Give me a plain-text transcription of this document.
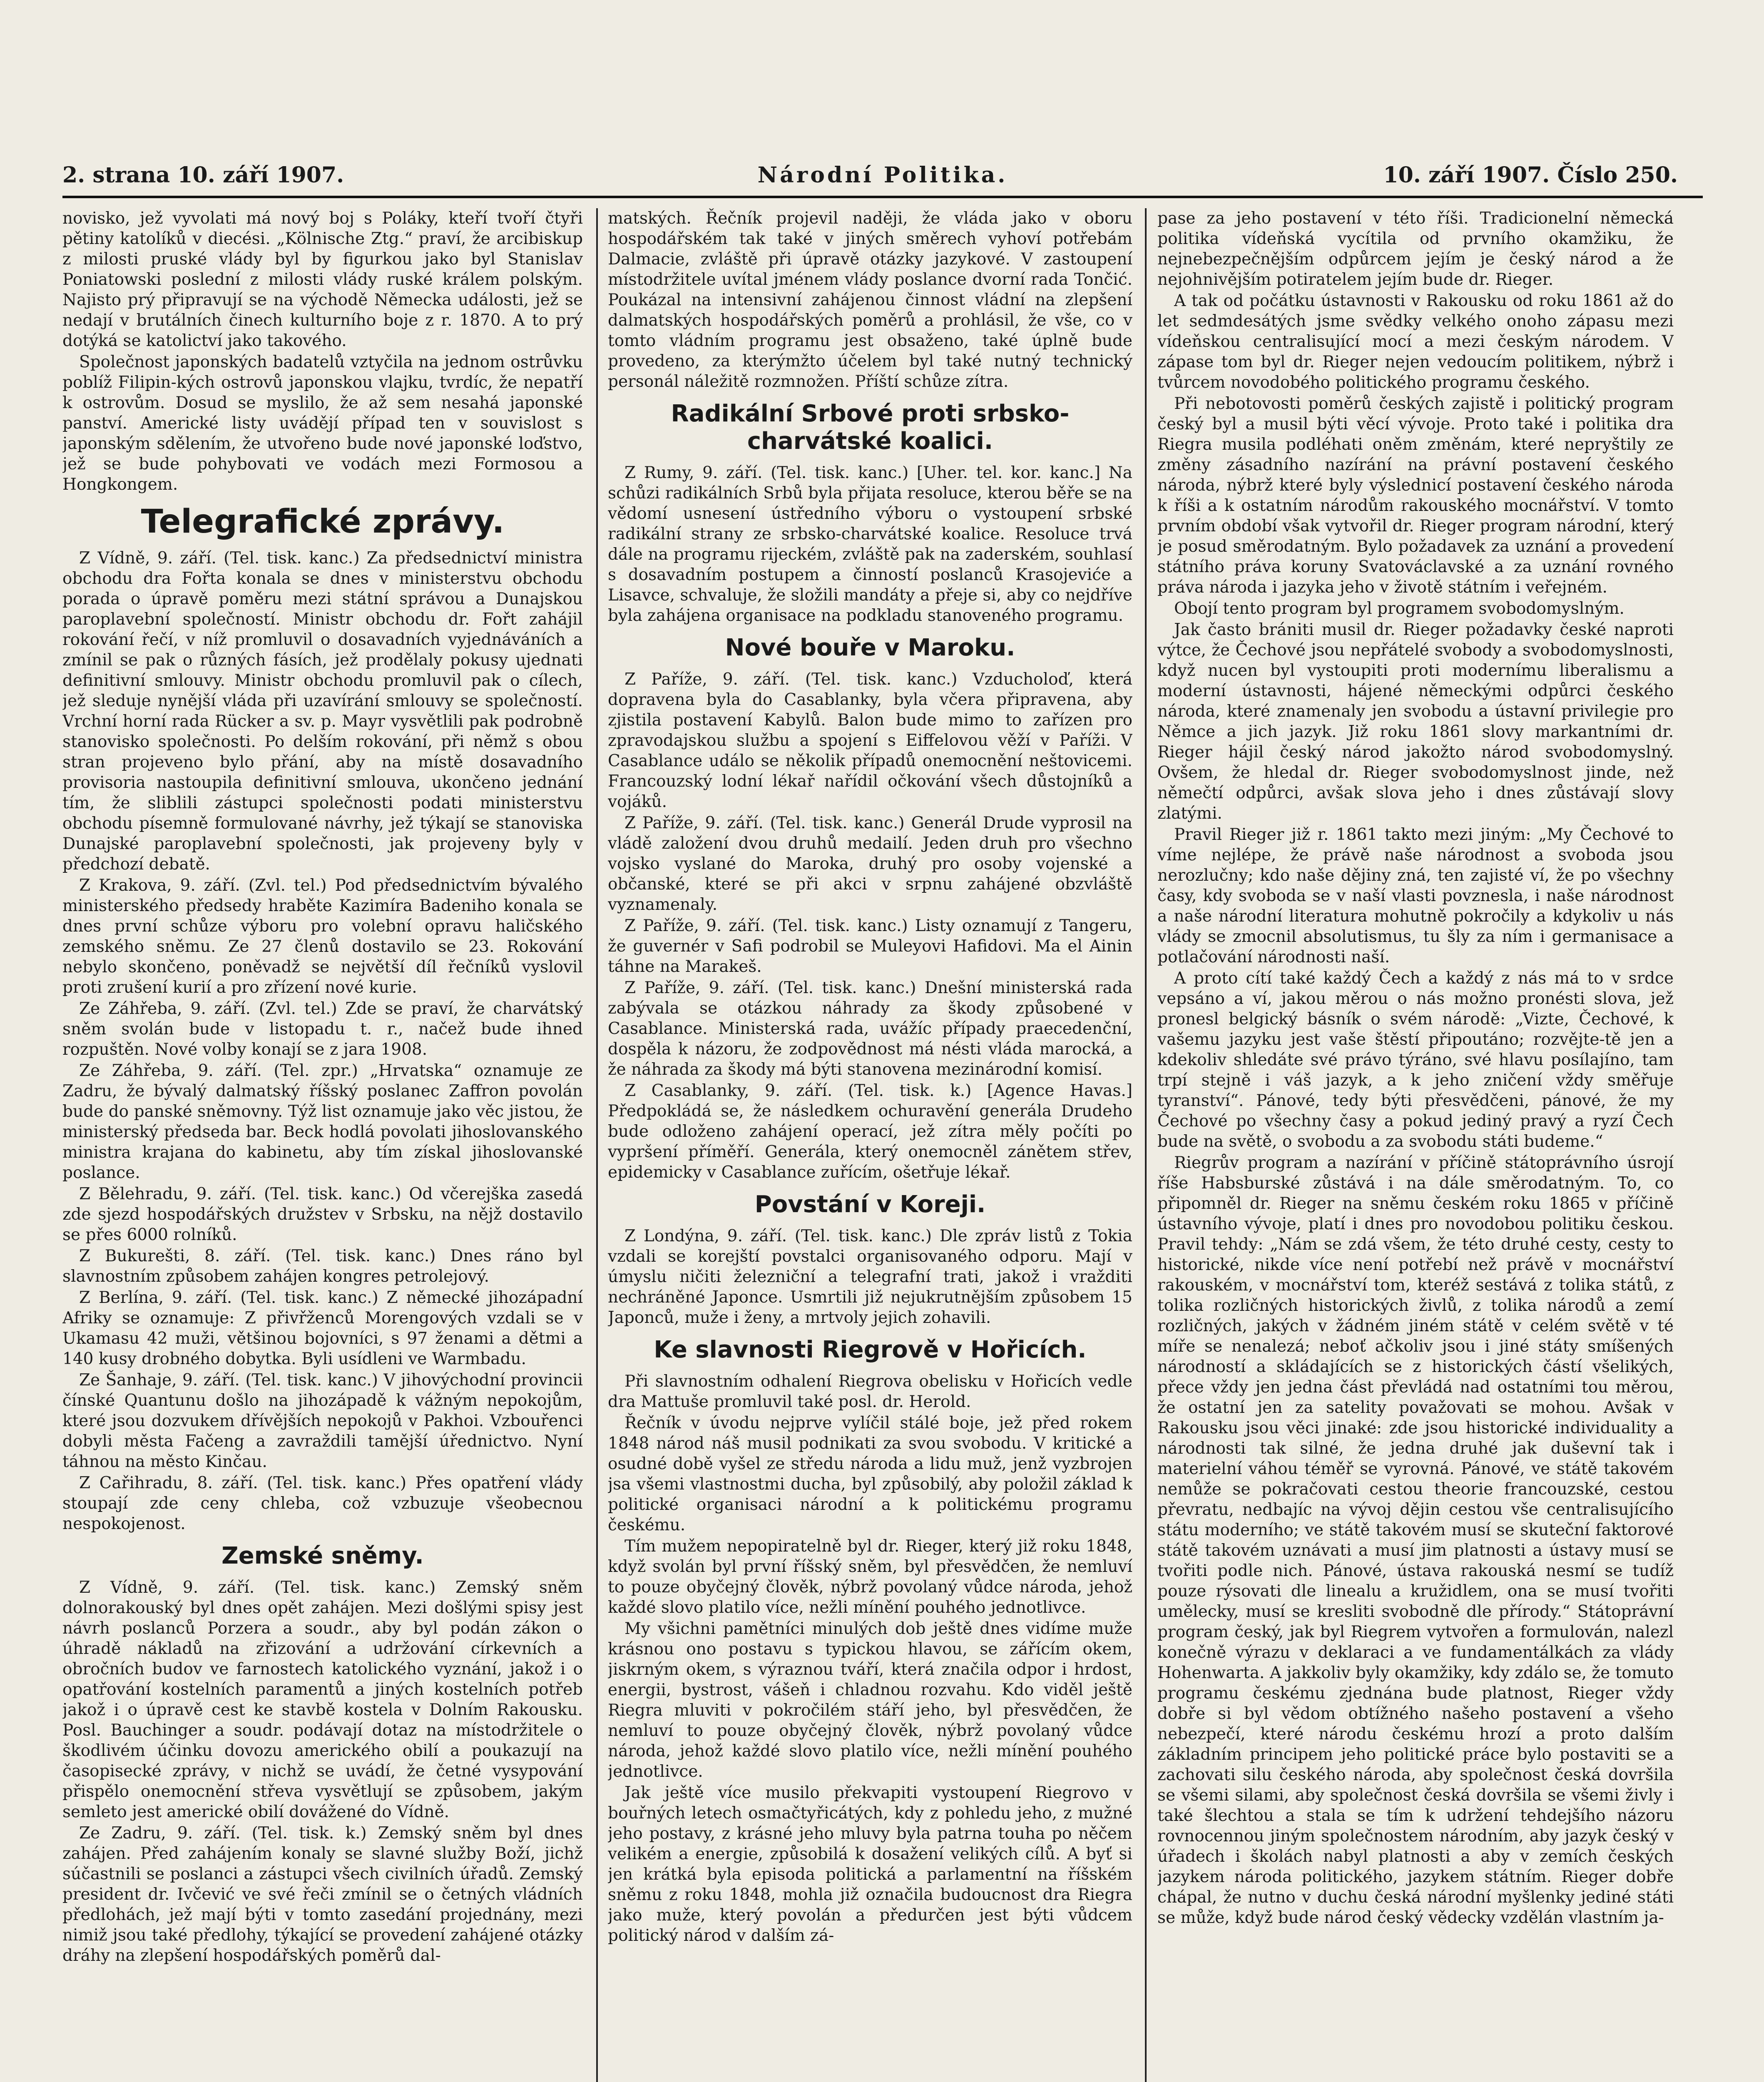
2. strana 10. září 1907.	Národní Politika.	10. září 1907. Číslo 250.

novisko, jež vyvolati má nový boj s Poláky, kteří tvoří čtyři pětiny katolíků v diecési. „Kölnische Ztg.“ praví, že arcibiskup z milosti pruské vlády byl by figurkou jako byl Stanislav Poniatowski poslední z milosti vlády ruské králem polským. Najisto prý připravují se na východě Německa události, jež se nedají v brutálních činech kulturního boje z r. 1870. A to prý dotýká se katolictví jako takového.

Společnost japonských badatelů vztyčila na jednom ostrůvku poblíž Filipin-kých ostrovů japonskou vlajku, tvrdíc, že nepatří k ostrovům. Dosud se myslilo, že až sem nesahá japonské panství. Americké listy uvádějí případ ten v souvislost s japonským sdělením, že utvořeno bude nové japonské loďstvo, jež se bude pohybovati ve vodách mezi Formosou a Hongkongem.

Telegrafické zprávy.

Z Vídně, 9. září. (Tel. tisk. kanc.) Za předsednictví ministra obchodu dra Fořta konala se dnes v ministerstvu obchodu porada o úpravě poměru mezi státní správou a Dunajskou paroplavební společností. Ministr obchodu dr. Fořt zahájil rokování řečí, v níž promluvil o dosavadních vyjednáváních a zmínil se pak o různých fásích, jež prodělaly pokusy ujednati definitivní smlouvy. Ministr obchodu promluvil pak o cílech, jež sleduje nynější vláda při uzavírání smlouvy se společností. Vrchní horní rada Rücker a sv. p. Mayr vysvětlili pak podrobně stanovisko společnosti. Po delším rokování, při němž s obou stran projeveno bylo přání, aby na místě dosavadního provisoria nastoupila definitivní smlouva, ukončeno jednání tím, že sliblili zástupci společnosti podati ministerstvu obchodu písemně formulované návrhy, jež týkají se stanoviska Dunajské paroplavební společnosti, jak projeveny byly v předchozí debatě.

Z Krakova, 9. září. (Zvl. tel.) Pod předsednictvím bývalého ministerského předsedy hraběte Kazimíra Badeniho konala se dnes první schůze výboru pro volební opravu haličského zemského sněmu. Ze 27 členů dostavilo se 23. Rokování nebylo skončeno, poněvadž se největší díl řečníků vyslovil proti zrušení kurií a pro zřízení nové kurie.

Ze Záhřeba, 9. září. (Zvl. tel.) Zde se praví, že charvátský sněm svolán bude v listopadu t. r., načež bude ihned rozpuštěn. Nové volby konají se z jara 1908.

Ze Záhřeba, 9. září. (Tel. zpr.) „Hrvatska“ oznamuje ze Zadru, že bývalý dalmatský říšský poslanec Zaffron povolán bude do panské sněmovny. Týž list oznamuje jako věc jistou, že ministerský předseda bar. Beck hodlá povolati jihoslovanského ministra krajana do kabinetu, aby tím získal jihoslovanské poslance.

Z Bělehradu, 9. září. (Tel. tisk. kanc.) Od včerejška zasedá zde sjezd hospodářských družstev v Srbsku, na nějž dostavilo se přes 6000 rolníků.

Z Bukurešti, 8. září. (Tel. tisk. kanc.) Dnes ráno byl slavnostním způsobem zahájen kongres petrolejový.

Z Berlína, 9. září. (Tel. tisk. kanc.) Z německé jihozápadní Afriky se oznamuje: Z přivřženců Morengových vzdali se v Ukamasu 42 muži, většinou bojovníci, s 97 ženami a dětmi a 140 kusy drobného dobytka. Byli usídleni ve Warmbadu.

Ze Šanhaje, 9. září. (Tel. tisk. kanc.) V jihovýchodní provincii čínské Quantunu došlo na jihozápadě k vážným nepokojům, které jsou dozvukem dřívějších nepokojů v Pakhoi. Vzbouřenci dobyli města Fačeng a zavraždili tamější úřednictvo. Nyní táhnou na město Kinčau.

Z Cařihradu, 8. září. (Tel. tisk. kanc.) Přes opatření vlády stoupají zde ceny chleba, což vzbuzuje všeobecnou nespokojenost.

Zemské sněmy.

Z Vídně, 9. září. (Tel. tisk. kanc.) Zemský sněm dolnorakouský byl dnes opět zahájen. Mezi došlými spisy jest návrh poslanců Porzera a soudr., aby byl podán zákon o úhradě nákladů na zřizování a udržování církevních a obročních budov ve farnostech katolického vyznání, jakož i o opatřování kostelních paramentů a jiných kostelních potřeb jakož i o úpravě cest ke stavbě kostela v Dolním Rakousku. Posl. Bauchinger a soudr. podávají dotaz na místodržitele o škodlivém účinku dovozu amerického obilí a poukazují na časopisecké zprávy, v nichž se uvádí, že četné vysypování přispělo onemocnění střeva vysvětlují se způsobem, jakým semleto jest americké obilí dovážené do Vídně.

Ze Zadru, 9. září. (Tel. tisk. k.) Zemský sněm byl dnes zahájen. Před zahájením konaly se slavné služby Boží, jichž súčastnili se poslanci a zástupci všech civilních úřadů. Zemský president dr. Ivčević ve své řeči zmínil se o četných vládních předlohách, jež mají býti v tomto zasedání projednány, mezi nimiž jsou také předlohy, týkající se provedení zahájené otázky dráhy na zlepšení hospodářských poměrů dal-

matských. Řečník projevil naději, že vláda jako v oboru hospodářském tak také v jiných směrech vyhoví potřebám Dalmacie, zvláště při úpravě otázky jazykové. V zastoupení místodržitele uvítal jménem vlády poslance dvorní rada Tončić. Poukázal na intensivní zahájenou činnost vládní na zlepšení dalmatských hospodářských poměrů a prohlásil, že vše, co v tomto vládním programu jest obsaženo, také úplně bude provedeno, za kterýmžto účelem byl také nutný technický personál náležitě rozmnožen. Příští schůze zítra.

Radikální Srbové proti srbsko-charvátské koalici.

Z Rumy, 9. září. (Tel. tisk. kanc.) [Uher. tel. kor. kanc.] Na schůzi radikálních Srbů byla přijata resoluce, kterou běře se na vědomí usnesení ústředního výboru o vystoupení srbské radikální strany ze srbsko-charvátské koalice. Resoluce trvá dále na programu rijeckém, zvláště pak na zaderském, souhlasí s dosavadním postupem a činností poslanců Krasojeviće a Lisavce, schvaluje, že složili mandáty a přeje si, aby co nejdříve byla zahájena organisace na podkladu stanoveného programu.

Nové bouře v Maroku.

Z Paříže, 9. září. (Tel. tisk. kanc.) Vzducholoď, která dopravena byla do Casablanky, byla včera připravena, aby zjistila postavení Kabylů. Balon bude mimo to zařízen pro zpravodajskou službu a spojení s Eiffelovou věží v Paříži. V Casablance událo se několik případů onemocnění neštovicemi. Francouzský lodní lékař nařídil očkování všech důstojníků a vojáků.

Z Paříže, 9. září. (Tel. tisk. kanc.) Generál Drude vyprosil na vládě založení dvou druhů medailí. Jeden druh pro všechno vojsko vyslané do Maroka, druhý pro osoby vojenské a občanské, které se při akci v srpnu zahájené obzvláště vyznamenaly.

Z Paříže, 9. září. (Tel. tisk. kanc.) Listy oznamují z Tangeru, že guvernér v Safi podrobil se Muleyovi Hafidovi. Ma el Ainin táhne na Marakeš.

Z Paříže, 9. září. (Tel. tisk. kanc.) Dnešní ministerská rada zabývala se otázkou náhrady za škody způsobené v Casablance. Ministerská rada, uvážíc případy praecedenční, dospěla k názoru, že zodpovědnost má nésti vláda marocká, a že náhrada za škody má býti stanovena mezinárodní komisí.

Z Casablanky, 9. září. (Tel. tisk. k.) [Agence Havas.] Předpokládá se, že následkem ochuravění generála Drudeho bude odloženo zahájení operací, jež zítra měly počíti po vypršení příměří. Generála, který onemocněl zánětem střev, epidemicky v Casablance zuřícím, ošetřuje lékař.

Povstání v Koreji.

Z Londýna, 9. září. (Tel. tisk. kanc.) Dle zpráv listů z Tokia vzdali se korejští povstalci organisovaného odporu. Mají v úmyslu ničiti železniční a telegrafní trati, jakož i vražditi nechráněné Japonce. Usmrtili již nejukrutnějším způsobem 15 Japonců, muže i ženy, a mrtvoly jejich zohavili.

Ke slavnosti Riegrově v Hořicích.

Při slavnostním odhalení Riegrova obelisku v Hořicích vedle dra Mattuše promluvil také posl. dr. Herold.

Řečník v úvodu nejprve vylíčil stálé boje, jež před rokem 1848 národ náš musil podnikati za svou svobodu. V kritické a osudné době vyšel ze středu národa a lidu muž, jenž vyzbrojen jsa všemi vlastnostmi ducha, byl způsobilý, aby položil základ k politické organisaci národní a k politickému programu českému.

Tím mužem nepopiratelně byl dr. Rieger, který již roku 1848, když svolán byl první říšský sněm, byl přesvědčen, že nemluví to pouze obyčejný člověk, nýbrž povolaný vůdce národa, jehož každé slovo platilo více, nežli mínění pouhého jednotlivce.

My všichni pamětníci minulých dob ještě dnes vidíme muže krásnou ono postavu s typickou hlavou, se zářícím okem, jiskrným okem, s výraznou tváří, která značila odpor i hrdost, energii, bystrost, vášeň i chladnou rozvahu. Kdo viděl ještě Riegra mluviti v pokročilém stáří jeho, byl přesvědčen, že nemluví to pouze obyčejný člověk, nýbrž povolaný vůdce národa, jehož každé slovo platilo více, nežli mínění pouhého jednotlivce.

Jak ještě více musilo překvapiti vystoupení Riegrovo v bouřných letech osmačtyřicátých, kdy z pohledu jeho, z mužné jeho postavy, z krásné jeho mluvy byla patrna touha po něčem velikém a energie, způsobilá k dosažení velikých cílů. A byť si jen krátká byla episoda politická a parlamentní na říšském sněmu z roku 1848, mohla již označila budoucnost dra Riegra jako muže, který povolán a předurčen jest býti vůdcem politický národ v dalším zá-

pase za jeho postavení v této říši. Tradicionelní německá politika vídeňská vycítila od prvního okamžiku, že nejnebezpečnějším odpůrcem jejím je český národ a že nejohnivějším potiratelem jejím bude dr. Rieger.

A tak od počátku ústavnosti v Rakousku od roku 1861 až do let sedmdesátých jsme svědky velkého onoho zápasu mezi vídeňskou centralisující mocí a mezi českým národem. V zápase tom byl dr. Rieger nejen vedoucím politikem, nýbrž i tvůrcem novodobého politického programu českého.

Při nebotovosti poměrů českých zajistě i politický program český byl a musil býti věcí vývoje. Proto také i politika dra Riegra musila podléhati oněm změnám, které nepryštily ze změny zásadního nazírání na právní postavení českého národa, nýbrž které byly výslednicí postavení českého národa k říši a k ostatním národům rakouského mocnářství. V tomto prvním období však vytvořil dr. Rieger program národní, který je posud směrodatným. Bylo požadavek za uznání a provedení státního práva koruny Svatováclavské a za uznání rovného práva národa i jazyka jeho v životě státním i veřejném.

Obojí tento program byl programem svobodomyslným.

Jak často brániti musil dr. Rieger požadavky české naproti výtce, že Čechové jsou nepřátelé svobody a svobodomyslnosti, když nucen byl vystoupiti proti modernímu liberalismu a moderní ústavnosti, hájené německými odpůrci českého národa, které znamenaly jen svobodu a ústavní privilegie pro Němce a jich jazyk. Již roku 1861 slovy markantními dr. Rieger hájil český národ jakožto národ svobodomyslný. Ovšem, že hledal dr. Rieger svobodomyslnost jinde, než němečtí odpůrci, avšak slova jeho i dnes zůstávají slovy zlatými.

Pravil Rieger již r. 1861 takto mezi jiným: „My Čechové to víme nejlépe, že právě naše národnost a svoboda jsou nerozlučny; kdo naše dějiny zná, ten zajisté ví, že po všechny časy, kdy svoboda se v naší vlasti povznesla, i naše národnost a naše národní literatura mohutně pokročily a kdykoliv u nás vlády se zmocnil absolutismus, tu šly za ním i germanisace a potlačování národnosti naší.

A proto cítí také každý Čech a každý z nás má to v srdce vepsáno a ví, jakou měrou o nás možno pronésti slova, jež pronesl belgický básník o svém národě: „Vizte, Čechové, k vašemu jazyku jest vaše štěstí připoutáno; rozvějte-tě jen a kdekoliv shledáte své právo týráno, své hlavu posílajíno, tam trpí stejně i váš jazyk, a k jeho zničení vždy směřuje tyranství“. Pánové, tedy býti přesvědčeni, pánové, že my Čechové po všechny časy a pokud jediný pravý a ryzí Čech bude na světě, o svobodu a za svobodu státi budeme.“

Riegrův program a nazírání v příčině státoprávního úsrojí říše Habsburské zůstává i na dále směrodatným. To, co připomněl dr. Rieger na sněmu českém roku 1865 v příčině ústavního vývoje, platí i dnes pro novodobou politiku českou. Pravil tehdy: „Nám se zdá všem, že této druhé cesty, cesty to historické, nikde více není potřebí než právě v mocnářství rakouském, v mocnářství tom, kteréž sestává z tolika států, z tolika rozličných historických živlů, z tolika národů a zemí rozličných, jakých v žádném jiném státě v celém světě v té míře se nenalezá; neboť ačkoliv jsou i jiné státy smíšených národností a skládajících se z historických částí všelikých, přece vždy jen jedna část převládá nad ostatními tou měrou, že ostatní jen za satelity považovati se mohou. Avšak v Rakousku jsou věci jinaké: zde jsou historické individuality a národnosti tak silné, že jedna druhé jak duševní tak i materielní váhou téměř se vyrovná. Pánové, ve státě takovém nemůže se pokračovati cestou theorie francouzské, cestou převratu, nedbajíc na vývoj dějin cestou vše centralisujícího státu moderního; ve státě takovém musí se skuteční faktorové státě takovém uznávati a musí jim platnosti a ústavy musí se tvořiti podle nich. Pánové, ústava rakouská nesmí se tudíž pouze rýsovati dle linealu a kružidlem, ona se musí tvořiti umělecky, musí se kresliti svobodně dle přírody.“ Státoprávní program český, jak byl Riegrem vytvořen a formulován, nalezl konečně výrazu v deklaraci a ve fundamentálkách za vlády Hohenwarta. A jakkoliv byly okamžiky, kdy zdálo se, že tomuto programu českému zjednána bude platnost, Rieger vždy dobře si byl vědom obtížného našeho postavení a všeho nebezpečí, které národu českému hrozí a proto dalším základním principem jeho politické práce bylo postaviti se a zachovati silu českého národa, aby společnost česká dovršila se všemi silami, aby společnost česká dovršila se všemi živly i také šlechtou a stala se tím k udržení tehdejšího názoru rovnocennou jiným společnostem národním, aby jazyk český v úřadech i školách nabyl platnosti a aby v zemích českých jazykem národa politického, jazykem státním. Rieger dobře chápal, že nutno v duchu česká národní myšlenky jediné státi se může, když bude národ český vědecky vzdělán vlastním ja-
